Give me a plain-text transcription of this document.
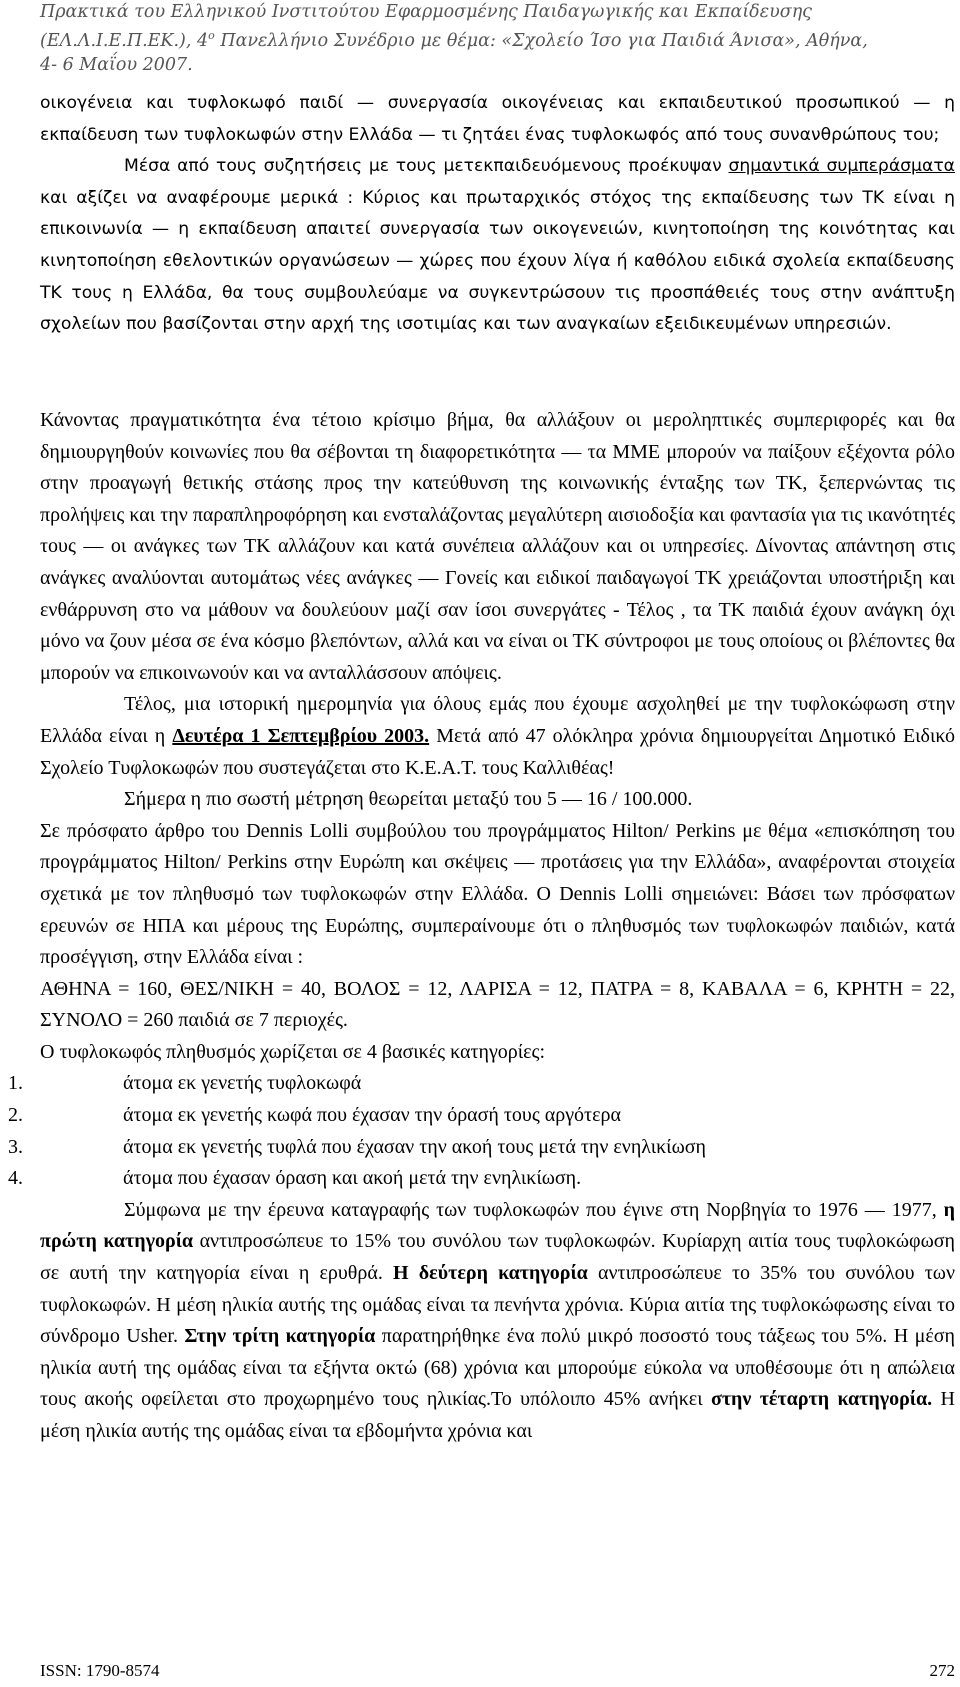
Πρακτικά του Ελληνικού Ινστιτούτου Εφαρμοσμένης Παιδαγωγικής και Εκπαίδευσης
(ΕΛ.Λ.Ι.Ε.Π.ΕΚ.), $4^o$ Πανελλήνιο Συνέδριο με θέμα: «Σχολείο Ίσο για Παιδιά Άνισα», Αθήνα,
4- 6 Μαΐου 2007.
οικογένεια και τυφλοκωφό παιδί — συνεργασία οικογένειας και εκπαιδευτικού προσωπικού — η εκπαίδευση των τυφλοκωφών στην Ελλάδα — τι ζητάει ένας τυφλοκωφός από τους συνανθρώπους του;
Μέσα από τους συζητήσεις με τους μετεκπαιδευόμενους προέκυψαν σημαντικά συμπεράσματα και αξίζει να αναφέρουμε μερικά : Κύριος και πρωταρχικός στόχος της εκπαίδευσης των ΤΚ είναι η επικοινωνία — η εκπαίδευση απαιτεί συνεργασία των οικογενειών, κινητοποίηση της κοινότητας και κινητοποίηση εθελοντικών οργανώσεων — χώρες που έχουν λίγα ή καθόλου ειδικά σχολεία εκπαίδευσης ΤΚ τους η Ελλάδα, θα τους συμβουλεύαμε να συγκεντρώσουν τις προσπάθειές τους στην ανάπτυξη σχολείων που βασίζονται στην αρχή της ισοτιμίας και των αναγκαίων εξειδικευμένων υπηρεσιών.

Κάνοντας πραγματικότητα ένα τέτοιο κρίσιμο βήμα, θα αλλάξουν οι μεροληπτικές συμπεριφορές και θα δημιουργηθούν κοινωνίες που θα σέβονται τη διαφορετικότητα — τα ΜΜΕ μπορούν να παίξουν εξέχοντα ρόλο στην προαγωγή θετικής στάσης προς την κατεύθυνση της κοινωνικής ένταξης των ΤΚ, ξεπερνώντας τις προλήψεις και την παραπληροφόρηση και ενσταλάζοντας μεγαλύτερη αισιοδοξία και φαντασία για τις ικανότητές τους — οι ανάγκες των ΤΚ αλλάζουν και κατά συνέπεια αλλάζουν και οι υπηρεσίες. Δίνοντας απάντηση στις ανάγκες αναλύονται αυτομάτως νέες ανάγκες — Γονείς και ειδικοί παιδαγωγοί ΤΚ χρειάζονται υποστήριξη και ενθάρρυνση στο να μάθουν να δουλεύουν μαζί σαν ίσοι συνεργάτες - Τέλος , τα ΤΚ παιδιά έχουν ανάγκη όχι μόνο να ζουν μέσα σε ένα κόσμο βλεπόντων, αλλά και να είναι οι ΤΚ σύντροφοι με τους οποίους οι βλέποντες θα μπορούν να επικοινωνούν και να ανταλλάσσουν απόψεις.

Τέλος, μια ιστορική ημερομηνία για όλους εμάς που έχουμε ασχοληθεί με την τυφλοκώφωση στην Ελλάδα είναι η Δευτέρα 1 Σεπτεμβρίου 2003. Μετά από 47 ολόκληρα χρόνια δημιουργείται Δημοτικό Ειδικό Σχολείο Τυφλοκωφών που συστεγάζεται στο Κ.Ε.Α.Τ. τους Καλλιθέας!

Σήμερα η πιο σωστή μέτρηση θεωρείται μεταξύ του 5 — 16 / 100.000.

Σε πρόσφατο άρθρο του Dennis Lolli συμβούλου του προγράμματος Hilton/ Perkins με θέμα «επισκόπηση του προγράμματος Hilton/ Perkins στην Ευρώπη και σκέψεις — προτάσεις για την Ελλάδα», αναφέρονται στοιχεία σχετικά με τον πληθυσμό των τυφλοκωφών στην Ελλάδα. Ο Dennis Lolli σημειώνει: Βάσει των πρόσφατων ερευνών σε ΗΠΑ και μέρους της Ευρώπης, συμπεραίνουμε ότι ο πληθυσμός των τυφλοκωφών παιδιών, κατά προσέγγιση, στην Ελλάδα είναι :

ΑΘΗΝΑ = 160, ΘΕΣ/ΝΙΚΗ = 40, ΒΟΛΟΣ = 12, ΛΑΡΙΣΑ = 12, ΠΑΤΡΑ = 8, ΚΑΒΑΛΑ = 6, ΚΡΗΤΗ = 22, ΣΥΝΟΛΟ = 260 παιδιά σε 7 περιοχές.

Ο τυφλοκωφός πληθυσμός χωρίζεται σε 4 βασικές κατηγορίες:

1.	άτομα εκ γενετής τυφλοκωφά
2.	άτομα εκ γενετής κωφά που έχασαν την όρασή τους αργότερα
3.	άτομα εκ γενετής τυφλά που έχασαν την ακοή τους μετά την ενηλικίωση
4.	άτομα που έχασαν όραση και ακοή μετά την ενηλικίωση.

Σύμφωνα με την έρευνα καταγραφής των τυφλοκωφών που έγινε στη Νορβηγία το 1976 — 1977, η πρώτη κατηγορία αντιπροσώπευε το 15% του συνόλου των τυφλοκωφών. Κυρίαρχη αιτία τους τυφλοκώφωση σε αυτή την κατηγορία είναι η ερυθρά. Η δεύτερη κατηγορία αντιπροσώπευε το 35% του συνόλου των τυφλοκωφών. Η μέση ηλικία αυτής της ομάδας είναι τα πενήντα χρόνια. Κύρια αιτία της τυφλοκώφωσης είναι το σύνδρομο Usher. Στην τρίτη κατηγορία παρατηρήθηκε ένα πολύ μικρό ποσοστό τους τάξεως του 5%. Η μέση ηλικία αυτή της ομάδας είναι τα εξήντα οκτώ (68) χρόνια και μπορούμε εύκολα να υποθέσουμε ότι η απώλεια τους ακοής οφείλεται στο προχωρημένο τους ηλικίας.Το υπόλοιπο 45% ανήκει στην τέταρτη κατηγορία. Η μέση ηλικία αυτής της ομάδας είναι τα εβδομήντα χρόνια και

ISSN: 1790-8574	272
